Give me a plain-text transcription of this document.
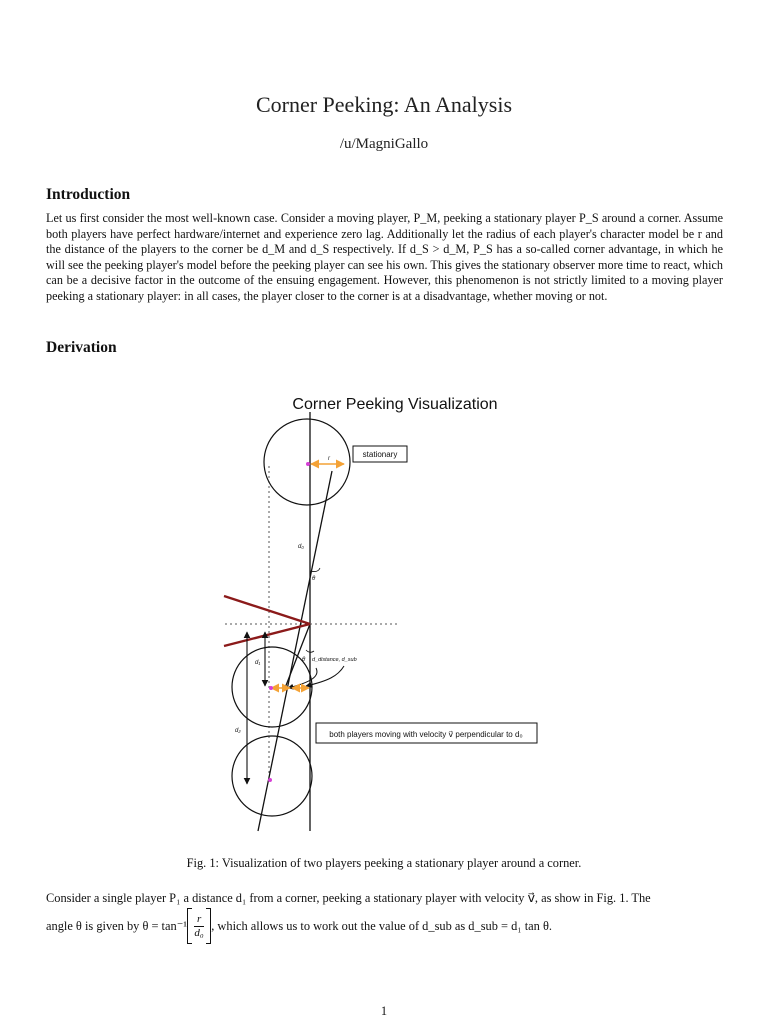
Corner Peeking: An Analysis
/u/MagniGallo
Introduction

Let us first consider the most well-known case. Consider a moving player, P_M, peeking a stationary player P_S around a corner. Assume both players have perfect hardware/internet and experience zero lag. Additionally let the radius of each player's character model be r and the distance of the players to the corner be d_M and d_S respectively. If d_S > d_M, P_S has a so-called corner advantage, in which he will see the peeking player's model before the peeking player can see his own. This gives the stationary observer more time to react, which can be a decisive factor in the outcome of the ensuing engagement. However, this phenomenon is not strictly limited to a moving player peeking a stationary player: in all cases, the player closer to the corner is at a disadvantage, whether moving or not.

Derivation
Corner Peeking Visualization
r	stationary
d₀
θ
θ d_distance, d_sub
d₁
d₂	both players moving with velocity v⃗ perpendicular to d₀
Fig. 1: Visualization of two players peeking a stationary player around a corner.
Consider a single player P₁ a distance d₁ from a corner, peeking a stationary player with velocity v⃗, as show in Fig. 1. The
angle θ is given by $\theta = \tan^{-1} \frac{r}{\text{d₀}}$ , which allows us to work out the value of d_sub as d_sub = d₁ tan θ.
1
